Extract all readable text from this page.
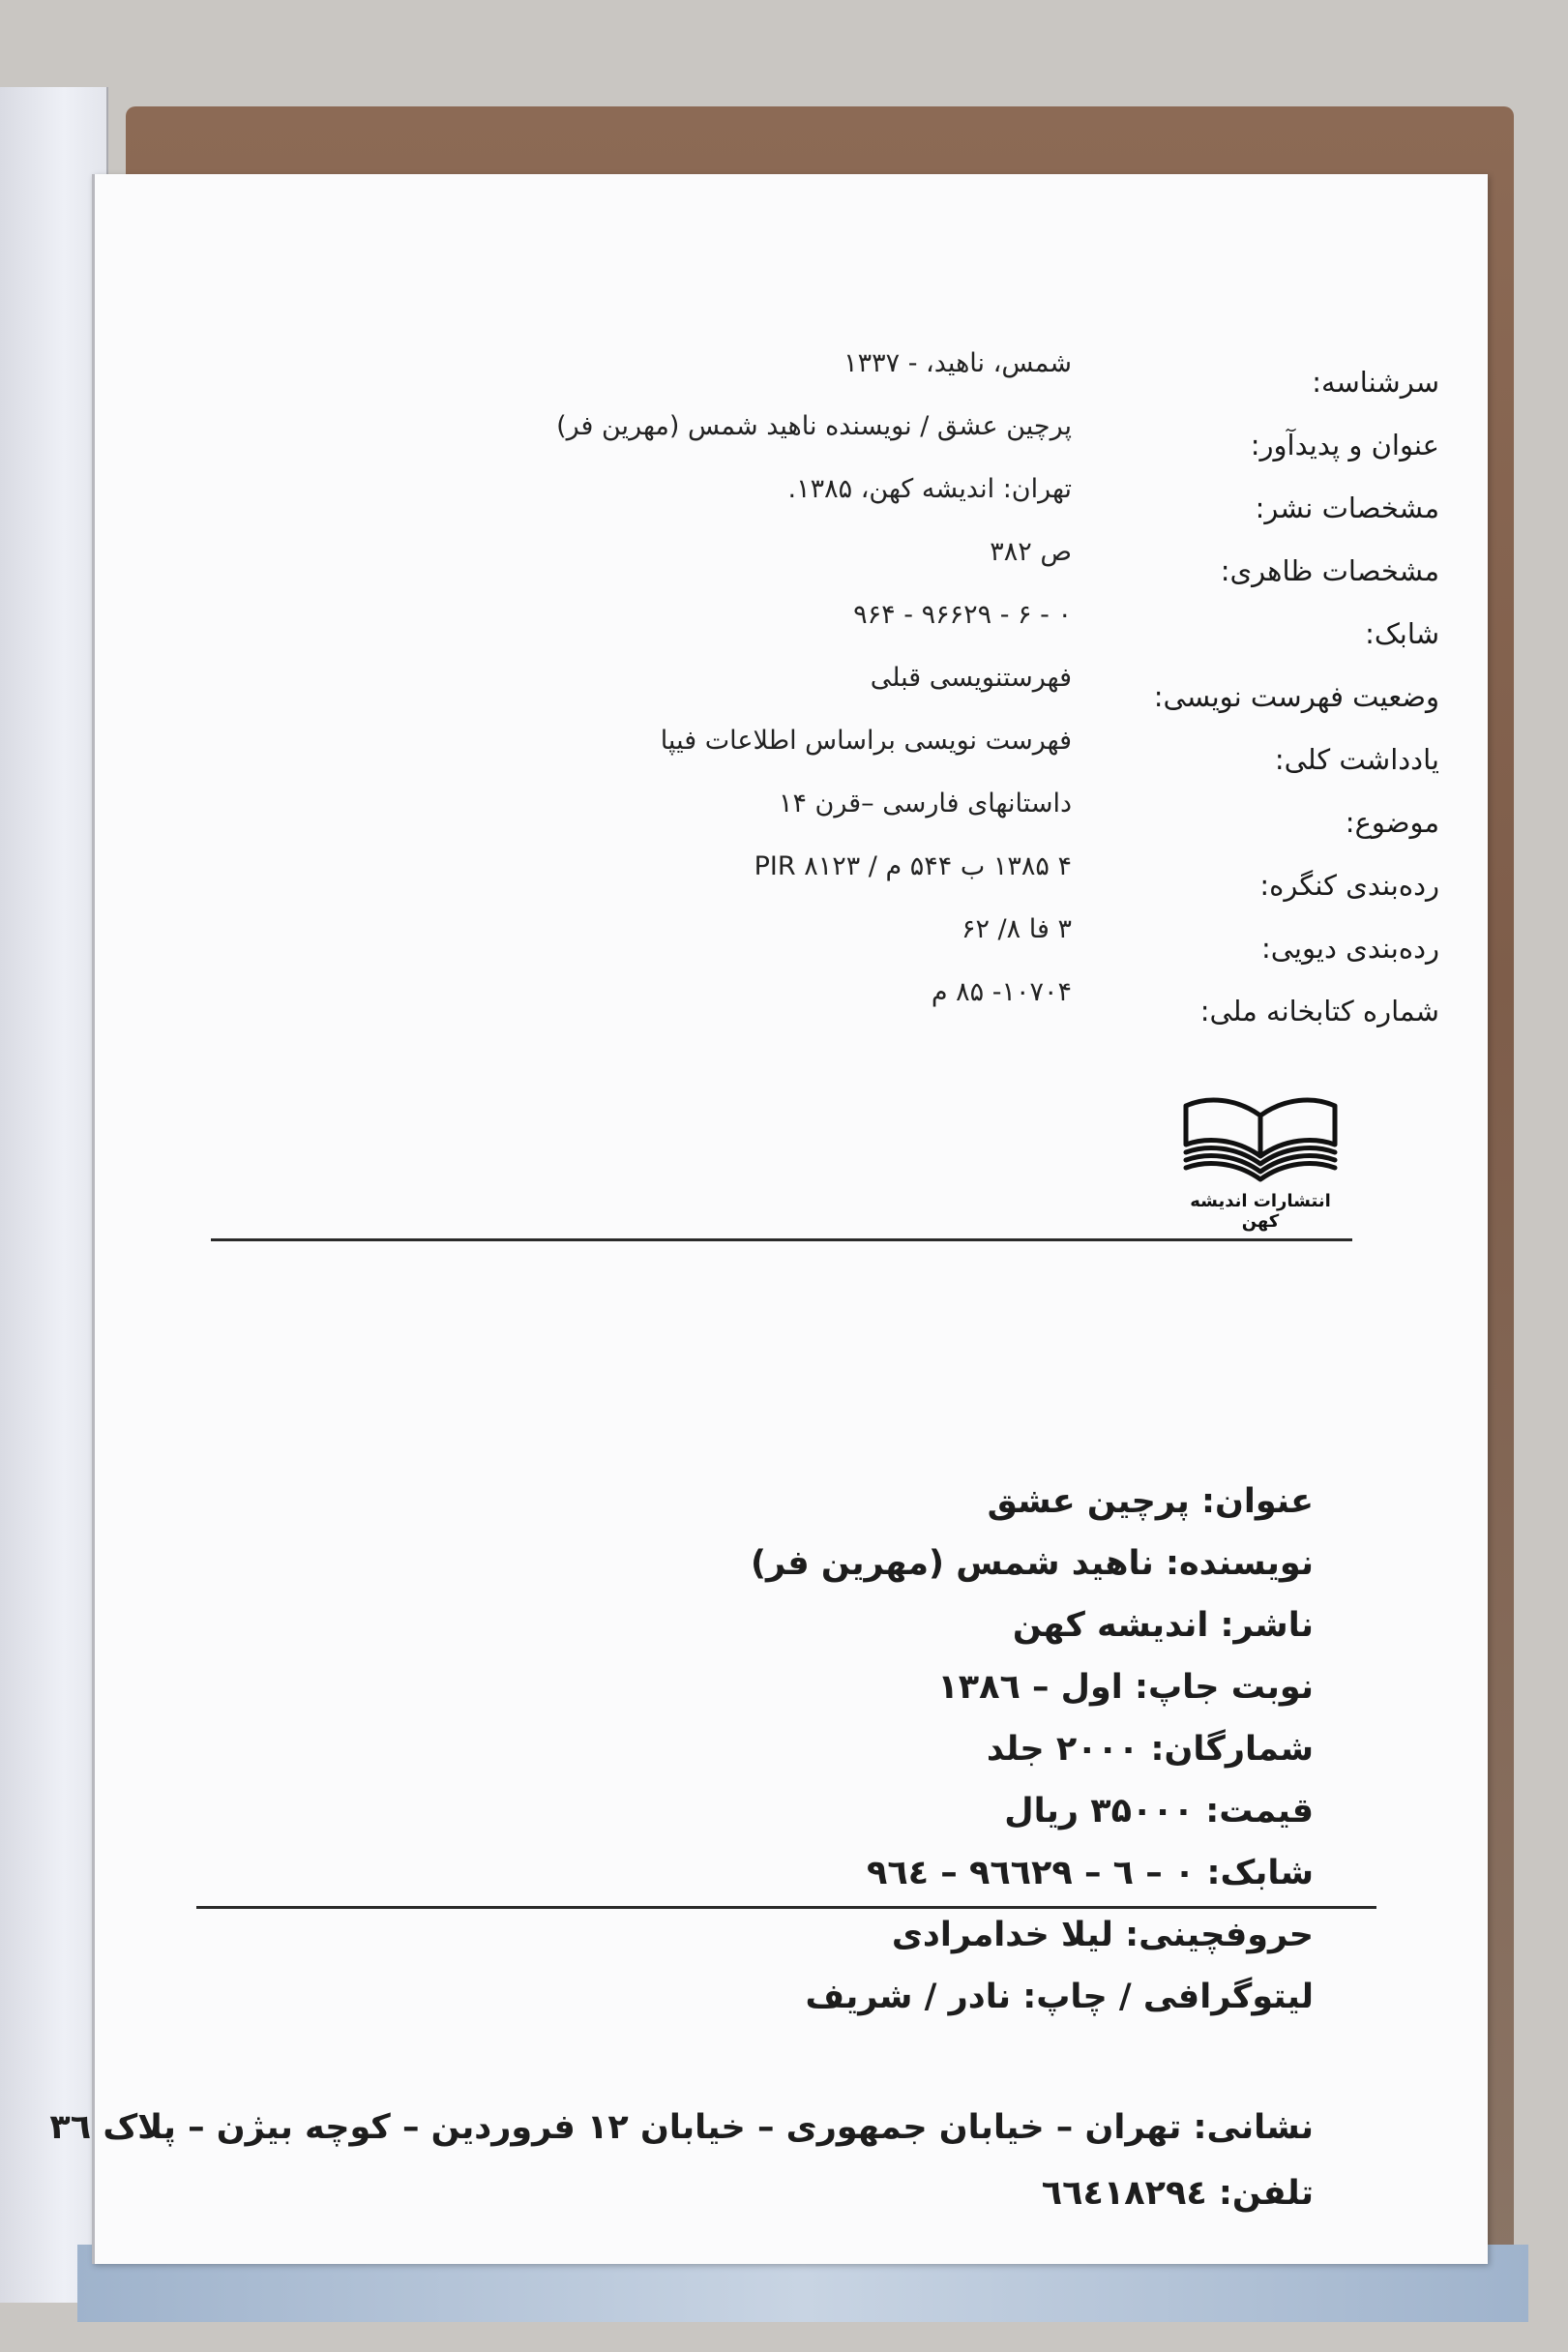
سرشناسه:
شمس، ناهید، - ۱۳۳۷
عنوان و پدیدآور:
پرچین عشق / نویسنده ناهید شمس (مهرین فر)
مشخصات نشر:
تهران: اندیشه کهن، ۱۳۸۵.
مشخصات ظاهری:
ص ۳۸۲
شابک:
۰ - ۶ - ۹۶۶۲۹ - ۹۶۴
وضعیت فهرست نویسی:
فهرستنویسی قبلی
یادداشت کلی:
فهرست نویسی براساس اطلاعات فیپا
موضوع:
داستانهای فارسی –قرن ۱۴
رده‌بندی کنگره:
۴ ۱۳۸۵ ب ۵۴۴ م / ۸۱۲۳ PIR
رده‌بندی دیویی:
۳ فا ۸/ ۶۲
شماره کتابخانه ملی:
۱۰۷۰۴- ۸۵ م
انتشارات اندیشه کهن
عنوان: پرچین عشق
نویسنده: ناهید شمس (مهرین فر)
ناشر: اندیشه کهن
نوبت جاپ: اول – ۱۳۸٦
شمارگان: ۲۰۰۰ جلد
قیمت: ۳۵۰۰۰ ریال
شابک: ۰ – ٦ – ۹٦٦۲۹ – ۹٦٤
حروفچینی: لیلا خدامرادی
لیتوگرافی / چاپ: نادر / شریف
نشانی: تهران – خیابان جمهوری – خیابان ۱۲ فروردین – کوچه بیژن – پلاک ۳٦
تلفن: ٦٦٤١٨٢٩٤
